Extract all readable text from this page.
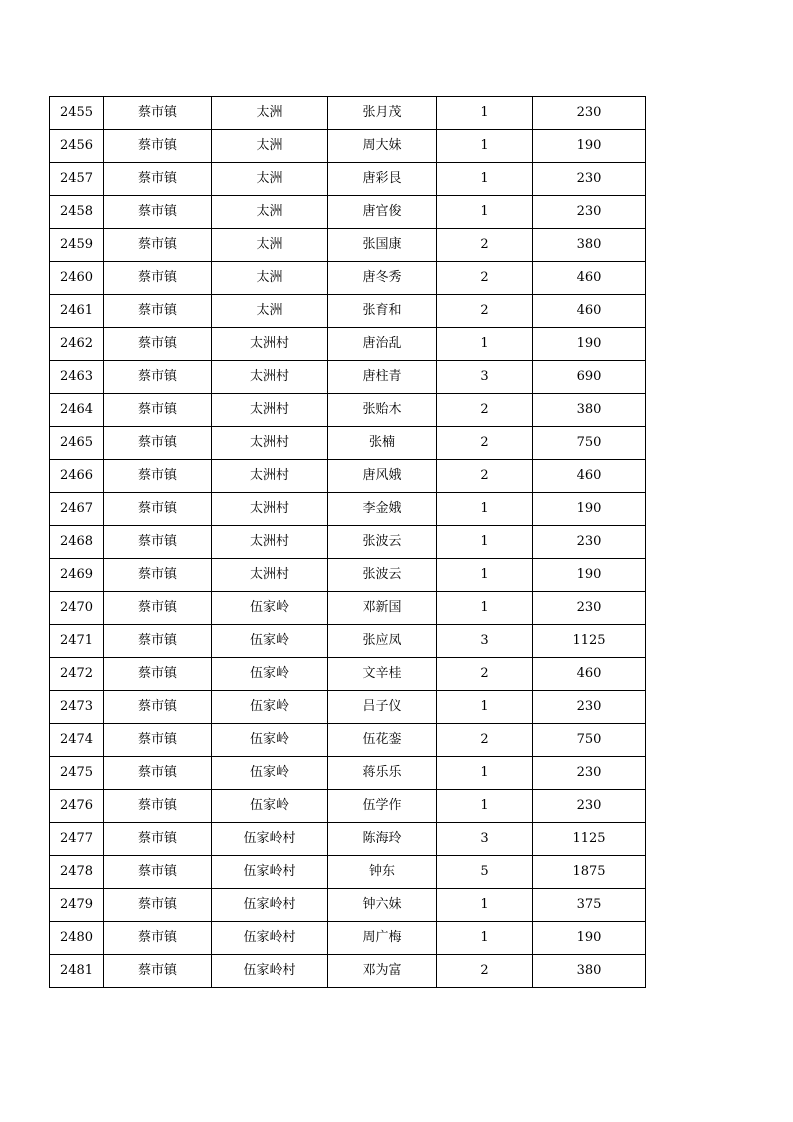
2455	蔡市镇	太洲	张月茂	1	230
2456	蔡市镇	太洲	周大妹	1	190
2457	蔡市镇	太洲	唐彩艮	1	230
2458	蔡市镇	太洲	唐官俊	1	230
2459	蔡市镇	太洲	张国康	2	380
2460	蔡市镇	太洲	唐冬秀	2	460
2461	蔡市镇	太洲	张育和	2	460
2462	蔡市镇	太洲村	唐治乱	1	190
2463	蔡市镇	太洲村	唐柱青	3	690
2464	蔡市镇	太洲村	张贻木	2	380
2465	蔡市镇	太洲村	张楠	2	750
2466	蔡市镇	太洲村	唐风娥	2	460
2467	蔡市镇	太洲村	李金娥	1	190
2468	蔡市镇	太洲村	张波云	1	230
2469	蔡市镇	太洲村	张波云	1	190
2470	蔡市镇	伍家岭	邓新国	1	230
2471	蔡市镇	伍家岭	张应凤	3	1125
2472	蔡市镇	伍家岭	文辛桂	2	460
2473	蔡市镇	伍家岭	吕子仪	1	230
2474	蔡市镇	伍家岭	伍花銮	2	750
2475	蔡市镇	伍家岭	蒋乐乐	1	230
2476	蔡市镇	伍家岭	伍学作	1	230
2477	蔡市镇	伍家岭村	陈海玲	3	1125
2478	蔡市镇	伍家岭村	钟东	5	1875
2479	蔡市镇	伍家岭村	钟六妹	1	375
2480	蔡市镇	伍家岭村	周广梅	1	190
2481	蔡市镇	伍家岭村	邓为富	2	380
